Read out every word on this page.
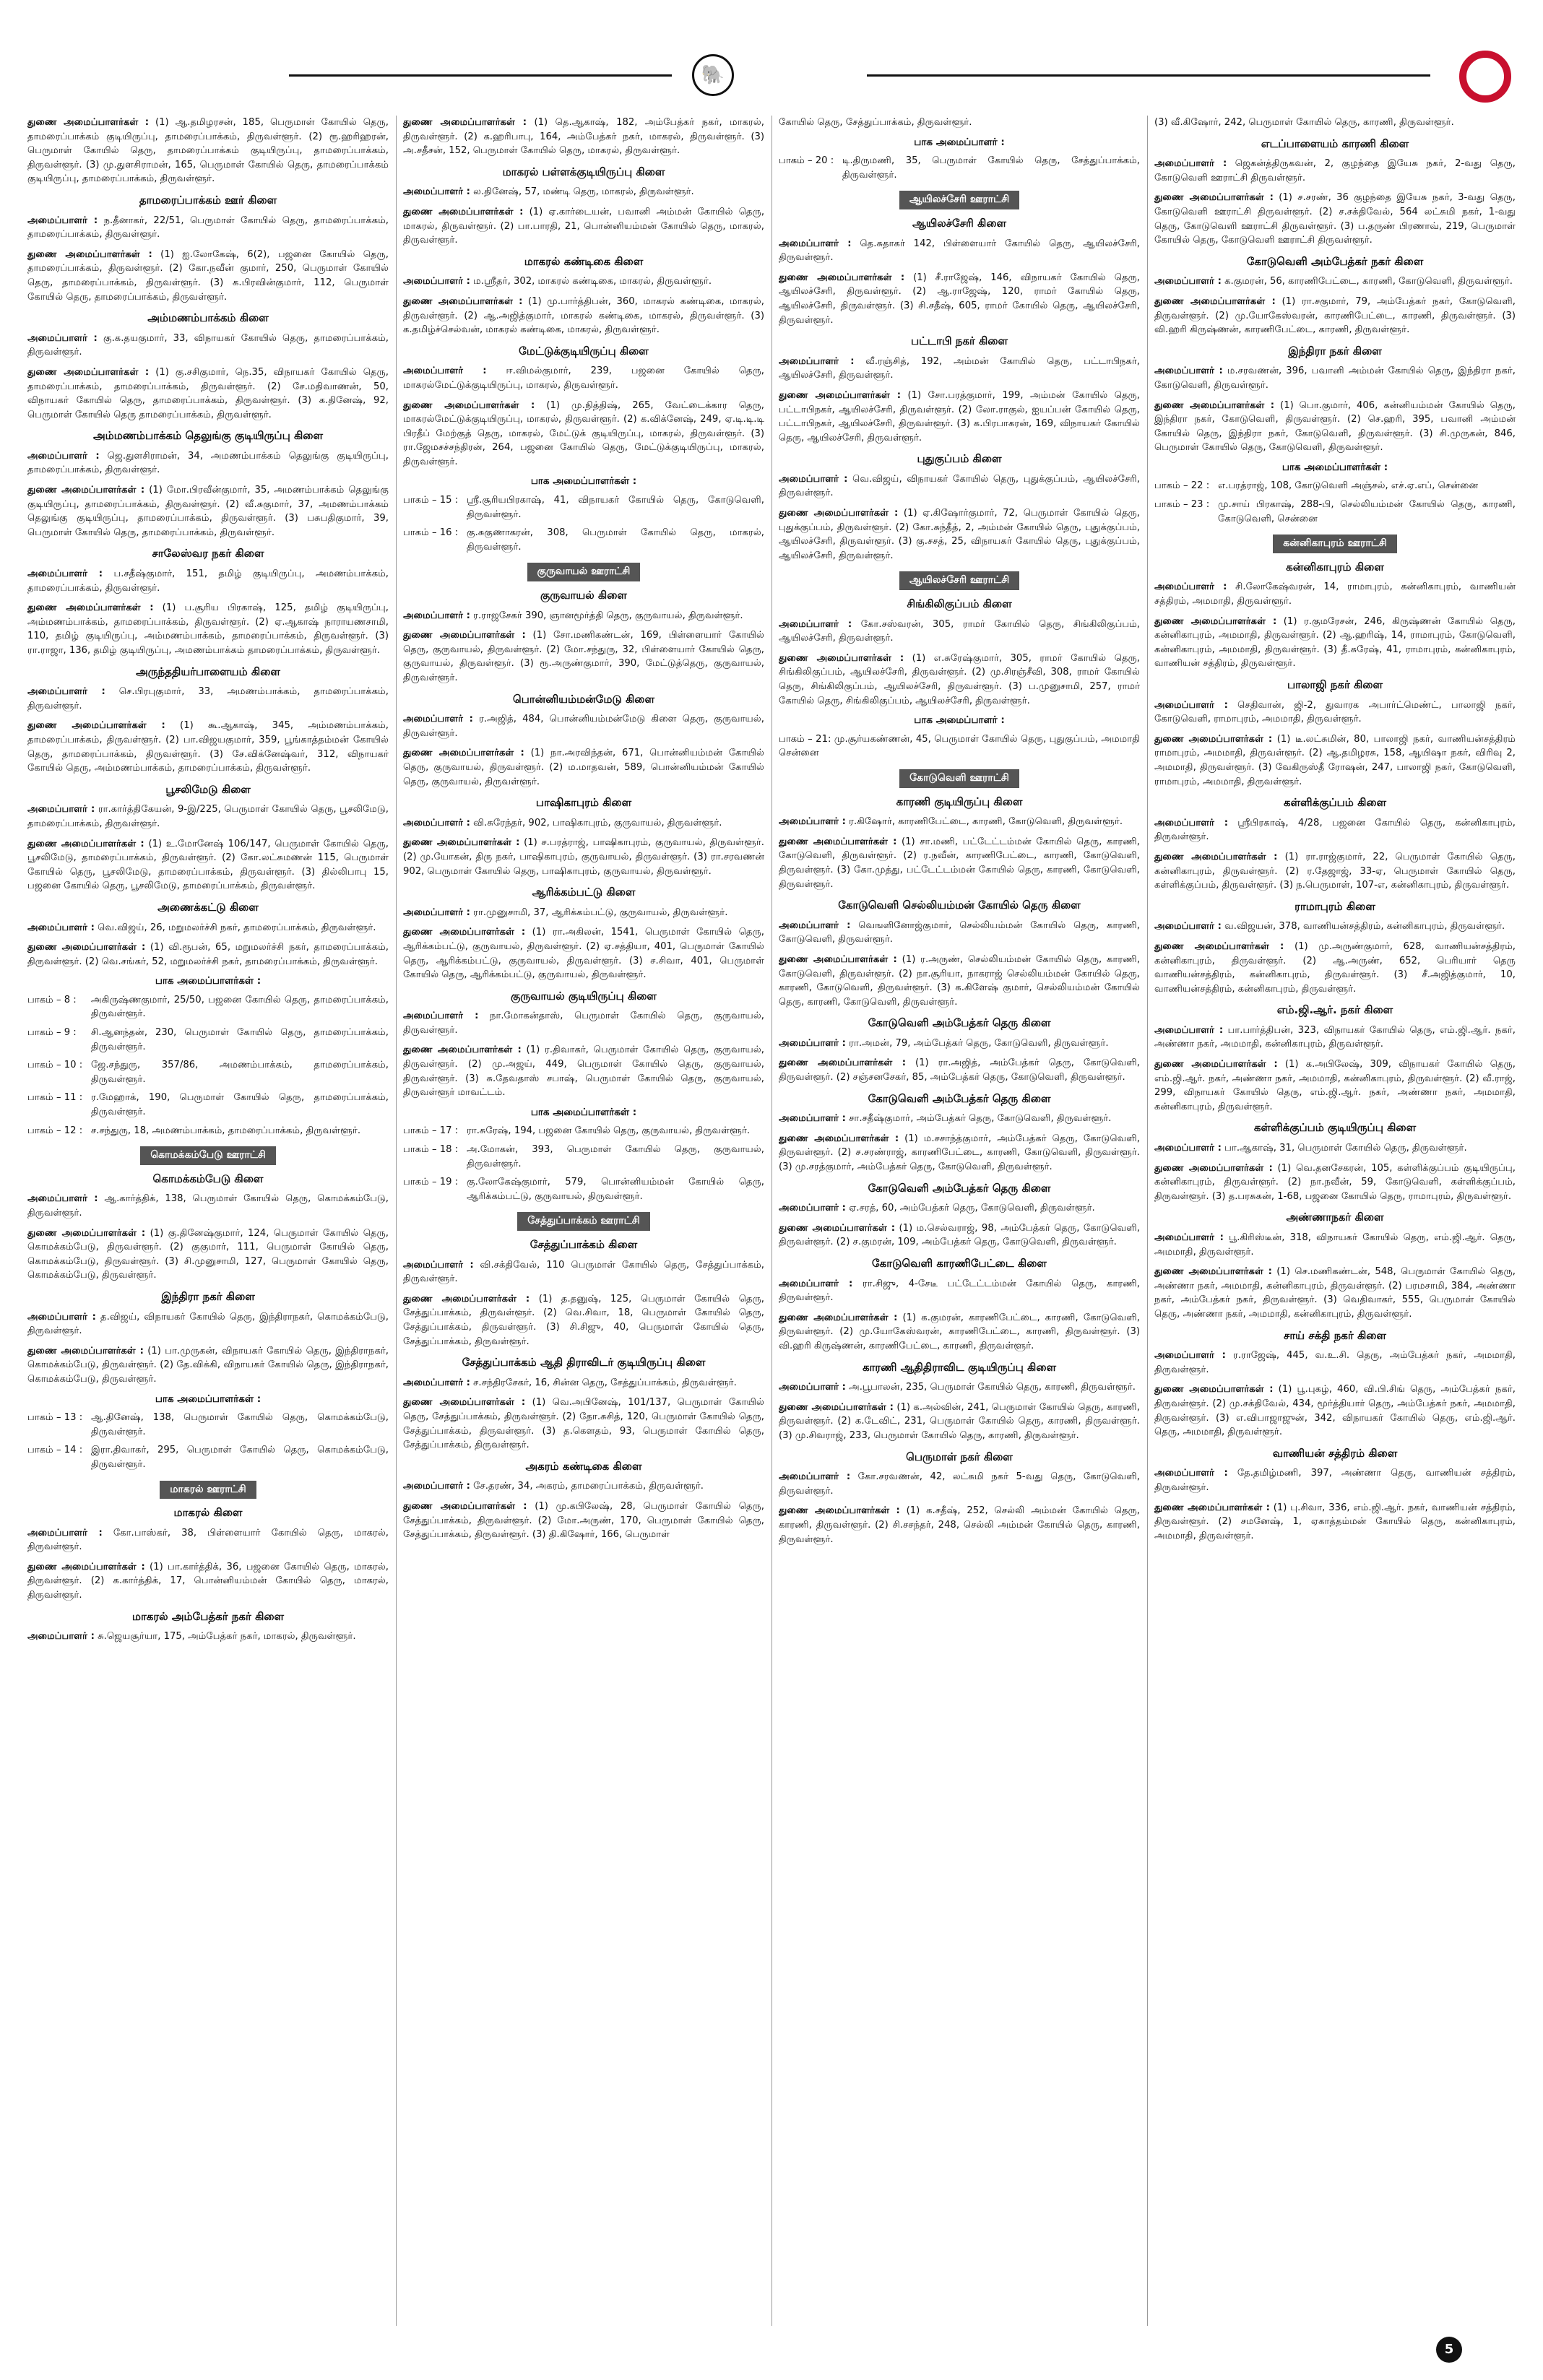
🐘

துணை அமைப்பாளர்கள் : (1) ஆ.தமிழரசன், 185, பெருமாள் கோயில் தெரு, தாமரைப்பாக்கம் குடியிருப்பு, தாமரைப்பாக்கம், திருவள்ளூர். (2) ரூ.ஹரிஹரன், பெருமாள் கோயில் தெரு, தாமரைப்பாக்கம் குடியிருப்பு, தாமரைப்பாக்கம், திருவள்ளூர். (3) மு.துளசிராமன், 165, பெருமாள் கோயில் தெரு, தாமரைப்பாக்கம் குடியிருப்பு, தாமரைப்பாக்கம், திருவள்ளூர்.

தாமரைப்பாக்கம் ஊர் கிளை

அமைப்பாளர் : ந.தீனாகர், 22/51, பெருமாள் கோயில் தெரு, தாமரைப்பாக்கம், தாமரைப்பாக்கம், திருவள்ளூர்.

துணை அமைப்பாளர்கள் : (1) ஐ.லோகேஷ், 6(2), பஜனை கோயில் தெரு, தாமரைப்பாக்கம், திருவள்ளூர். (2) கோ.நவீன் குமார், 250, பெருமாள் கோயில் தெரு, தாமரைப்பாக்கம், திருவள்ளூர். (3) க.பிரவின்குமார், 112, பெருமாள் கோயில் தெரு, தாமரைப்பாக்கம், திருவள்ளூர்.

அம்மணம்பாக்கம் கிளை

அமைப்பாளர் : கு.க.தயகுமார், 33, விநாயகர் கோயில் தெரு, தாமரைப்பாக்கம், திருவள்ளூர்.

துணை அமைப்பாளர்கள் : (1) கு.சசிகுமார், நெ.35, விநாயகர் கோயில் தெரு, தாமரைப்பாக்கம், தாமரைப்பாக்கம், திருவள்ளூர். (2) சே.மதிவாணன், 50, விநாயகர் கோயில் தெரு, தாமரைப்பாக்கம், திருவள்ளூர். (3) க.தினேஷ், 92, பெருமாள் கோயில் தெரு தாமரைப்பாக்கம், திருவள்ளூர்.

அம்மணம்பாக்கம் தெலுங்கு குடியிருப்பு கிளை

அமைப்பாளர் : ஜெ.துளசிராமன், 34, அமணம்பாக்கம் தெலுங்கு குடியிருப்பு, தாமரைப்பாக்கம், திருவள்ளூர்.

துணை அமைப்பாளர்கள் : (1) மோ.பிரவீன்குமார், 35, அமணம்பாக்கம் தெலுங்கு குடியிருப்பு, தாமரைப்பாக்கம், திருவள்ளூர். (2) வீ.சுகுமார், 37, அமணம்பாக்கம் தெலுங்கு குடியிருப்பு, தாமரைப்பாக்கம், திருவள்ளூர். (3) பசுபதிகுமார், 39, பெருமாள் கோயில் தெரு, தாமரைப்பாக்கம், திருவள்ளூர்.

சாலேஸ்வர நகர் கிளை

அமைப்பாளர் : ப.சதீஷ்குமார், 151, தமிழ் குடியிருப்பு, அமணம்பாக்கம், தாமரைப்பாக்கம், திருவள்ளூர்.

துணை அமைப்பாளர்கள் : (1) ப.சூரிய பிரகாஷ், 125, தமிழ் குடியிருப்பு, அம்மணம்பாக்கம், தாமரைப்பாக்கம், திருவள்ளூர். (2) ஏ.ஆகாஷ் நாராயணசாமி, 110, தமிழ் குடியிருப்பு, அம்மணம்பாக்கம், தாமரைப்பாக்கம், திருவள்ளூர். (3) ரா.ராஜா, 136, தமிழ் குடியிருப்பு, அமணம்பாக்கம் தாமரைப்பாக்கம், திருவள்ளூர்.

அருந்ததியர்பாளையம் கிளை

அமைப்பாளர் : செ.பிரபுகுமார், 33, அமணம்பாக்கம், தாமரைப்பாக்கம், திருவள்ளூர்.

துணை அமைப்பாளர்கள் : (1) கூ.ஆகாஷ், 345, அம்மணம்பாக்கம், தாமரைப்பாக்கம், திருவள்ளூர். (2) பா.விஜயகுமார், 359, பூங்காத்தம்மன் கோயில் தெரு, தாமரைப்பாக்கம், திருவள்ளூர். (3) சே.விக்னேஷ்வர், 312, விநாயகர் கோயில் தெரு, அம்மணம்பாக்கம், தாமரைப்பாக்கம், திருவள்ளூர்.

பூசலிமேடு கிளை

அமைப்பாளர் : ரா.கார்த்திகேயன், 9-இ/225, பெருமாள் கோயில் தெரு, பூசலிமேடு, தாமரைப்பாக்கம், திருவள்ளூர்.

துணை அமைப்பாளர்கள் : (1) உ.மோனேஷ் 106/147, பெருமாள் கோயில் தெரு, பூசலிமேடு, தாமரைப்பாக்கம், திருவள்ளூர். (2) கோ.லட்சுமணன் 115, பெருமாள் கோயில் தெரு, பூசலிமேடு, தாமரைப்பாக்கம், திருவள்ளூர். (3) தில்லிபாபு 15, பஜனை கோயில் தெரு, பூசலிமேடு, தாமரைப்பாக்கம், திருவள்ளூர்.

அணைக்கட்டு கிளை

அமைப்பாளர் : வெ.விஜய், 26, மறுமலர்ச்சி நகர், தாமரைப்பாக்கம், திருவள்ளூர்.

துணை அமைப்பாளர்கள் : (1) வி.ரூபன், 65, மறுமலர்ச்சி நகர், தாமரைப்பாக்கம், திருவள்ளூர். (2) வெ.சங்கர், 52, மறுமலர்ச்சி நகர், தாமரைப்பாக்கம், திருவள்ளூர்.

பாக அமைப்பாளர்கள் :
பாகம் – 8 :	அகிருஷ்ணகுமார், 25/50, பஜனை கோயில் தெரு, தாமரைப்பாக்கம், திருவள்ளூர்.
பாகம் – 9 :	சி.ஆனந்தன், 230, பெருமாள் கோயில் தெரு, தாமரைப்பாக்கம், திருவள்ளூர்.
பாகம் – 10 : ஜே.சந்துரு, 357/86, அமணம்பாக்கம், தாமரைப்பாக்கம், திருவள்ளூர்.
பாகம் – 11 : ர.மேஹாக், 190, பெருமாள் கோயில் தெரு, தாமரைப்பாக்கம், திருவள்ளூர்.
பாகம் – 12 : ச.சந்துரு, 18, அமணம்பாக்கம், தாமரைப்பாக்கம், திருவள்ளூர்.
கொமக்கம்பேடு ஊராட்சி
கொமக்கம்பேடு கிளை

அமைப்பாளர் : ஆ.கார்த்திக், 138, பெருமாள் கோயில் தெரு, கொமக்கம்பேடு, திருவள்ளூர்.

துணை அமைப்பாளர்கள் : (1) கு.தினேஷ்குமார், 124, பெருமாள் கோயில் தெரு, கொமக்கம்பேடு, திருவள்ளூர். (2) குகுமார், 111, பெருமாள் கோயில் தெரு, கொமக்கம்பேடு, திருவள்ளூர். (3) சி.முனுசாமி, 127, பெருமாள் கோயில் தெரு, கொமக்கம்பேடு, திருவள்ளூர்.

இந்திரா நகர் கிளை

அமைப்பாளர் : த.விஜய், விநாயகர் கோயில் தெரு, இந்திராநகர், கொமக்கம்பேடு, திருவள்ளூர்.

துணை அமைப்பாளர்கள் : (1) பா.முருகன், விநாயகர் கோயில் தெரு, இந்திராநகர், கொமக்கம்பேடு, திருவள்ளூர். (2) தே.விக்கி, விநாயகர் கோயில் தெரு, இந்திராநகர், கொமக்கம்பேடு, திருவள்ளூர்.

பாக அமைப்பாளர்கள் :
பாகம் – 13 : ஆ.தினேஷ், 138, பெருமாள் கோயில் தெரு, கொமக்கம்பேடு, திருவள்ளூர்.
பாகம் – 14 : இரா.திவாகர், 295, பெருமாள் கோயில் தெரு, கொமக்கம்பேடு, திருவள்ளூர்.
மாகரல் ஊராட்சி
மாகரல் கிளை

அமைப்பாளர் : கோ.பாஸ்கர், 38, பிள்ளையார் கோயில் தெரு, மாகரல், திருவள்ளூர்.

துணை அமைப்பாளர்கள் : (1) பா.கார்த்திக், 36, பஜனை கோயில் தெரு, மாகரல், திருவள்ளூர். (2) க.கார்த்திக், 17, பொன்னியம்மன் கோயில் தெரு, மாகரல், திருவள்ளூர்.

மாகரல் அம்பேத்கர் நகர் கிளை

அமைப்பாளர் : சு.ஜெயசூர்யா, 175, அம்பேத்கர் நகர், மாகரல், திருவள்ளூர்.

துணை அமைப்பாளர்கள் : (1) தெ.ஆகாஷ், 182, அம்பேத்கர் நகர், மாகரல், திருவள்ளூர். (2) க.ஹரிபாபு, 164, அம்பேத்கர் நகர், மாகரல், திருவள்ளூர். (3) அ.சதீசன், 152, பெருமாள் கோயில் தெரு, மாகரல், திருவள்ளூர்.

மாகரல் பள்ளக்குடியிருப்பு கிளை

அமைப்பாளர் : ல.தினேஷ், 57, மண்டி தெரு, மாகரல், திருவள்ளூர்.

துணை அமைப்பாளர்கள் : (1) ஏ.கார்டையன், பவானி அம்மன் கோயில் தெரு, மாகரல், திருவள்ளூர். (2) பா.பாரதி, 21, பொன்னியம்மன் கோயில் தெரு, மாகரல், திருவள்ளூர்.

மாகரல் கண்டிகை கிளை

அமைப்பாளர் : ம.ஸ்ரீதர், 302, மாகரல் கண்டிகை, மாகரல், திருவள்ளூர்.

துணை அமைப்பாளர்கள் : (1) மு.பார்த்திபன், 360, மாகரல் கண்டிகை, மாகரல், திருவள்ளூர். (2) ஆ.அஜித்குமார், மாகரல் கண்டிகை, மாகரல், திருவள்ளூர். (3) க.தமிழ்ச்செல்வன், மாகரல் கண்டிகை, மாகரல், திருவள்ளூர்.

மேட்டுக்குடியிருப்பு கிளை

அமைப்பாளர் : ஈ.விமல்குமார், 239, பஜனை கோயில் தெரு, மாகரல்மேட்டுக்குடியிருப்பு, மாகரல், திருவள்ளூர்.

துணை அமைப்பாளர்கள் : (1) மு.நித்திஷ், 265, வேட்டைக்கார தெரு, மாகரல்மேட்டுக்குடியிருப்பு, மாகரல், திருவள்ளூர். (2) க.விக்னேஷ், 249, ஏ.டி.டி.டி பிரதீப் மேற்குத் தெரு, மாகரல், மேட்டுக் குடியிருப்பு, மாகரல், திருவள்ளூர். (3) ரா.ஜேமசச்சந்திரன், 264, பஜனை கோயில் தெரு, மேட்டுக்குடியிருப்பு, மாகரல், திருவள்ளூர்.

பாக அமைப்பாளர்கள் :
பாகம் – 15 : ஸ்ரீ.சூரியபிரகாஷ், 41, விநாயகர் கோயில் தெரு, கோடுவெளி, திருவள்ளூர்.
பாகம் – 16 : கு.சுகுணாகரன், 308, பெருமாள் கோயில் தெரு, மாகரல், திருவள்ளூர்.
குருவாயல் ஊராட்சி
குருவாயல் கிளை

அமைப்பாளர் : ர.ராஜசேகர் 390, ஞானமூர்த்தி தெரு, குருவாயல், திருவள்ளூர்.

துணை அமைப்பாளர்கள் : (1) சோ.மணிகண்டன், 169, பிள்ளையார் கோயில் தெரு, குருவாயல், திருவள்ளூர். (2) மோ.சந்துரு, 32, பிள்ளையார் கோயில் தெரு, குருவாயல், திருவள்ளூர். (3) ரூ.அருண்குமார், 390, மேட்டுத்தெரு, குருவாயல், திருவள்ளூர்.

பொன்னியம்மன்மேடு கிளை

அமைப்பாளர் : ர.அஜித், 484, பொன்னியம்மன்மேடு கிளை தெரு, குருவாயல், திருவள்ளூர்.

துணை அமைப்பாளர்கள் : (1) நா.அரவிந்தன், 671, பொன்னியம்மன் கோயில் தெரு, குருவாயல், திருவள்ளூர். (2) ம.மாதவன், 589, பொன்னியம்மன் கோயில் தெரு, குருவாயல், திருவள்ளூர்.

பாஷிகாபுரம் கிளை

அமைப்பாளர் : வி.சுரேந்தர், 902, பாஷிகாபுரம், குருவாயல், திருவள்ளூர்.

துணை அமைப்பாளர்கள் : (1) ச.பரத்ராஜ், பாஷிகாபுரம், குருவாயல், திருவள்ளூர். (2) மு.யோகன், திரு நகர், பாஷிகாபுரம், குருவாயல், திருவள்ளூர். (3) ரா.சரவணன் 902, பெருமாள் கோயில் தெரு, பாஷிகாபுரம், குருவாயல், திருவள்ளூர்.

ஆரிக்கம்பட்டு கிளை

அமைப்பாளர் : ரா.முனுசாமி, 37, ஆரிக்கம்பட்டு, குருவாயல், திருவள்ளூர்.

துணை அமைப்பாளர்கள் : (1) ரா.அகிலன், 1541, பெருமாள் கோயில் தெரு, ஆரிக்கம்பட்டு, குருவாயல், திருவள்ளூர். (2) ஏ.சத்தியா, 401, பெருமாள் கோயில் தெரு, ஆரிக்கம்பட்டு, குருவாயல், திருவள்ளூர். (3) ச.சிவா, 401, பெருமாள் கோயில் தெரு, ஆரிக்கம்பட்டு, குருவாயல், திருவள்ளூர்.

குருவாயல் குடியிருப்பு கிளை

அமைப்பாளர் : நா.மோகன்தாஸ், பெருமாள் கோயில் தெரு, குருவாயல், திருவள்ளூர்.

துணை அமைப்பாளர்கள் : (1) ர.திவாகர், பெருமாள் கோயில் தெரு, குருவாயல், திருவள்ளூர். (2) மு.அஜய், 449, பெருமாள் கோயில் தெரு, குருவாயல், திருவள்ளூர். (3) சு.தேவதாஸ் சபாஷ், பெருமாள் கோயில் தெரு, குருவாயல், திருவள்ளூர் மாவட்டம்.

பாக அமைப்பாளர்கள் :
பாகம் – 17 : ரா.சுரேஷ், 194, பஜனை கோயில் தெரு, குருவாயல், திருவள்ளூர்.
பாகம் – 18 : அ.மோகன், 393, பெருமாள் கோயில் தெரு, குருவாயல், திருவள்ளூர்.
பாகம் – 19 : கு.லோகேஷ்குமார், 579, பொன்னியம்மன் கோயில் தெரு, ஆரிக்கம்பட்டு, குருவாயல், திருவள்ளூர்.
சேத்துப்பாக்கம் ஊராட்சி
சேத்துப்பாக்கம் கிளை

அமைப்பாளர் : வி.சக்திவேல், 110 பெருமாள் கோயில் தெரு, சேத்துப்பாக்கம், திருவள்ளூர்.

துணை அமைப்பாளர்கள் : (1) த.தனுஷ், 125, பெருமாள் கோயில் தெரு, சேத்துப்பாக்கம், திருவள்ளூர். (2) வெ.சிவா, 18, பெருமாள் கோயில் தெரு, சேத்துப்பாக்கம், திருவள்ளூர். (3) சி.சிஜு, 40, பெருமாள் கோயில் தெரு, சேத்துப்பாக்கம், திருவள்ளூர்.

சேத்துப்பாக்கம் ஆதி திராவிடர் குடியிருப்பு கிளை

அமைப்பாளர் : ச.சந்திரசேகர், 16, சின்ன தெரு, சேத்துப்பாக்கம், திருவள்ளூர்.

துணை அமைப்பாளர்கள் : (1) வெ.அபினேஷ், 101/137, பெருமாள் கோயில் தெரு, சேத்துப்பாக்கம், திருவள்ளூர். (2) தோ.சுசித், 120, பெருமாள் கோயில் தெரு, சேத்துப்பாக்கம், திருவள்ளூர். (3) த.கௌதம், 93, பெருமாள் கோயில் தெரு, சேத்துப்பாக்கம், திருவள்ளூர்.

அகரம் கண்டிகை கிளை

அமைப்பாளர் : சே.தரண், 34, அகரம், தாமரைப்பாக்கம், திருவள்ளூர்.

துணை அமைப்பாளர்கள் : (1) மு.கபிலேஷ், 28, பெருமாள் கோயில் தெரு, சேத்துப்பாக்கம், திருவள்ளூர். (2) மோ.அருண், 170, பெருமாள் கோயில் தெரு, சேத்துப்பாக்கம், திருவள்ளூர். (3) தி.கிஷோர், 166, பெருமாள்

கோயில் தெரு, சேத்துப்பாக்கம், திருவள்ளூர்.

பாக அமைப்பாளர் :
பாகம் – 20 : டி.திருமணி, 35, பெருமாள் கோயில் தெரு, சேத்துப்பாக்கம், திருவள்ளூர்.
ஆயிலச்சேரி ஊராட்சி
ஆயிலச்சேரி கிளை

அமைப்பாளர் : தெ.சுதாகர் 142, பிள்ளையார் கோயில் தெரு, ஆயிலச்சேரி, திருவள்ளூர்.

துணை அமைப்பாளர்கள் : (1) சீ.ராஜேஷ், 146, விநாயகர் கோயில் தெரு, ஆயிலச்சேரி, திருவள்ளூர். (2) ஆ.ராஜேஷ், 120, ராமர் கோயில் தெரு, ஆயிலச்சேரி, திருவள்ளூர். (3) சி.சதீஷ், 605, ராமர் கோயில் தெரு, ஆயிலச்சேரி, திருவள்ளூர்.

பட்டாபி நகர் கிளை

அமைப்பாளர் : வீ.ரஞ்சித், 192, அம்மன் கோயில் தெரு, பட்டாபிநகர், ஆயிலச்சேரி, திருவள்ளூர்.

துணை அமைப்பாளர்கள் : (1) சோ.பரத்குமார், 199, அம்மன் கோயில் தெரு, பட்டாபிநகர், ஆயிலச்சேரி, திருவள்ளூர். (2) லோ.ராகுல், ஐயப்பன் கோயில் தெரு, பட்டாபிநகர், ஆயிலச்சேரி, திருவள்ளூர். (3) க.பிரபாகரன், 169, விநாயகர் கோயில் தெரு, ஆயிலச்சேரி, திருவள்ளூர்.

புதுகுப்பம் கிளை

அமைப்பாளர் : வெ.விஜய், விநாயகர் கோயில் தெரு, புதுக்குப்பம், ஆயிலச்சேரி, திருவள்ளூர்.

துணை அமைப்பாளர்கள் : (1) ஏ.கிஷோர்குமார், 72, பெருமாள் கோயில் தெரு, புதுக்குப்பம், திருவள்ளூர். (2) கோ.சுந்தீத், 2, அம்மன் கோயில் தெரு, புதுக்குப்பம், ஆயிலச்சேரி, திருவள்ளூர். (3) கு.சசத், 25, விநாயகர் கோயில் தெரு, புதுக்குப்பம், ஆயிலச்சேரி, திருவள்ளூர்.

ஆயிலச்சேரி ஊராட்சி
சிங்கிலிகுப்பம் கிளை

அமைப்பாளர் : கோ.சஸ்வரன், 305, ராமர் கோயில் தெரு, சிங்கிலிகுப்பம், ஆயிலச்சேரி, திருவள்ளூர்.

துணை அமைப்பாளர்கள் : (1) எ.சுரேஷ்குமார், 305, ராமர் கோயில் தெரு, சிங்கிலிகுப்பம், ஆயிலச்சேரி, திருவள்ளூர். (2) மு.சிரஞ்சீவி, 308, ராமர் கோயில் தெரு, சிங்கிலிகுப்பம், ஆயிலச்சேரி, திருவள்ளூர். (3) ப.முனுசாமி, 257, ராமர் கோயில் தெரு, சிங்கிலிகுப்பம், ஆயிலச்சேரி, திருவள்ளூர்.

பாக அமைப்பாளர் :

பாகம் – 21: மு.சூர்யகண்ணன், 45, பெருமாள் கோயில் தெரு, புதுகுப்பம், அமமாதி சென்னை

கோடுவெளி ஊராட்சி
காரணி குடியிருப்பு கிளை

அமைப்பாளர் : ர.கிஷோர், காரணிபேட்டை, காரணி, கோடுவெளி, திருவள்ளூர்.

துணை அமைப்பாளர்கள் : (1) சா.மணி, பட்டேட்டம்மன் கோயில் தெரு, காரணி, கோடுவெளி, திருவள்ளூர். (2) ர.நவீன், காரணிபேட்டை, காரணி, கோடுவெளி, திருவள்ளூர். (3) கோ.முத்து, பட்டேட்டம்மன் கோயில் தெரு, காரணி, கோடுவெளி, திருவள்ளூர்.

கோடுவெளி செல்லியம்மன் கோயில் தெரு கிளை

அமைப்பாளர் : வெஙளினோஜ்குமார், செல்லியம்மன் கோயில் தெரு, காரணி, கோடுவெளி, திருவள்ளூர்.

துணை அமைப்பாளர்கள் : (1) ர.அருண், செல்லியம்மன் கோயில் தெரு, காரணி, கோடுவெளி, திருவள்ளூர். (2) நா.சூரியா, நாகராஜ் செல்லியம்மன் கோயில் தெரு, காரணி, கோடுவெளி, திருவள்ளூர். (3) க.கிளேஷ் குமார், செல்லியம்மன் கோயில் தெரு, காரணி, கோடுவெளி, திருவள்ளூர்.

கோடுவெளி அம்பேத்கர் தெரு கிளை

அமைப்பாளர் : ரா.அமன், 79, அம்பேத்கர் தெரு, கோடுவெளி, திருவள்ளூர்.

துணை அமைப்பாளர்கள் : (1) ரா.அஜித், அம்பேத்கர் தெரு, கோடுவெளி, திருவள்ளூர். (2) சஞ்சனசேகர், 85, அம்பேத்கர் தெரு, கோடுவெளி, திருவள்ளூர்.

கோடுவெளி அம்பேத்கர் தெரு கிளை

அமைப்பாளர் : சா.சதீஷ்குமார், அம்பேத்கர் தெரு, கோடுவெளி, திருவள்ளூர்.

துணை அமைப்பாளர்கள் : (1) ம.சசாந்த்குமார், அம்பேத்கர் தெரு, கோடுவெளி, திருவள்ளூர். (2) ச.சரண்ராஜ், காரணிபேட்டை, காரணி, கோடுவெளி, திருவள்ளூர். (3) மு.சரத்குமார், அம்பேத்கர் தெரு, கோடுவெளி, திருவள்ளூர்.

கோடுவெளி அம்பேத்கர் தெரு கிளை

அமைப்பாளர் : ஏ.சரத், 60, அம்பேத்கர் தெரு, கோடுவெளி, திருவள்ளூர்.

துணை அமைப்பாளர்கள் : (1) ம.செல்வராஜ், 98, அம்பேத்கர் தெரு, கோடுவெளி, திருவள்ளூர். (2) ச.குமரன், 109, அம்பேத்கர் தெரு, கோடுவெளி, திருவள்ளூர்.

கோடுவெளி காரணிபேட்டை கிளை

அமைப்பாளர் : ரா.சிஜு, 4-சேடீ பட்டேட்டம்மன் கோயில் தெரு, காரணி, திருவள்ளூர்.

துணை அமைப்பாளர்கள் : (1) க.குமரன், காரணிபேட்டை, காரணி, கோடுவெளி, திருவள்ளூர். (2) மு.யோகேஸ்வரன், காரணிபேட்டை, காரணி, திருவள்ளூர். (3) வி.ஹரி கிருஷ்ணன், காரணிபேட்டை, காரணி, திருவள்ளூர்.

காரணி ஆதிதிராவிட குடியிருப்பு கிளை

அமைப்பாளர் : அ.பூபாலன், 235, பெருமாள் கோயில் தெரு, காரணி, திருவள்ளூர்.

துணை அமைப்பாளர்கள் : (1) க.அல்வின், 241, பெருமாள் கோயில் தெரு, காரணி, திருவள்ளூர். (2) க.டேவிட், 231, பெருமாள் கோயில் தெரு, காரணி, திருவள்ளூர். (3) மு.சிவராஜ், 233, பெருமாள் கோயில் தெரு, காரணி, திருவள்ளூர்.

பெருமாள் நகர் கிளை

அமைப்பாளர் : கோ.சரவணன், 42, லட்சுமி நகர் 5-வது தெரு, கோடுவெளி, திருவள்ளூர்.

துணை அமைப்பாளர்கள் : (1) க.சதீஷ், 252, செல்லி அம்மன் கோயில் தெரு, காரணி, திருவள்ளூர். (2) சி.சசந்தர், 248, செல்லி அம்மன் கோயில் தெரு, காரணி, திருவள்ளூர்.

(3) வீ.கிஷோர், 242, பெருமாள் கோயில் தெரு, காரணி, திருவள்ளூர்.

எடப்பாளையம் காரணி கிளை

அமைப்பாளர் : ஜெகன்த்திருகவன், 2, குழந்தை இயேசு நகர், 2-வது தெரு, கோடுவெளி ஊராட்சி திருவள்ளூர்.

துணை அமைப்பாளர்கள் : (1) ச.சரண், 36 குழந்தை இயேசு நகர், 3-வது தெரு, கோடுவெளி ஊராட்சி திருவள்ளூர். (2) ச.சக்திவேல், 564 லட்சுமி நகர், 1-வது தெரு, கோடுவெளி ஊராட்சி திருவள்ளூர். (3) ப.தருண் பிரணாவ், 219, பெருமாள் கோயில் தெரு, கோடுவெளி ஊராட்சி திருவள்ளூர்.

கோடுவெளி அம்பேத்கர் நகர் கிளை

அமைப்பாளர் : க.குமரன், 56, காரணிபேட்டை, காரணி, கோடுவெளி, திருவள்ளூர்.

துணை அமைப்பாளர்கள் : (1) ரா.சகுமார், 79, அம்பேத்கர் நகர், கோடுவெளி, திருவள்ளூர். (2) மு.யோகேஸ்வரன், காரணிபேட்டை, காரணி, திருவள்ளூர். (3) வி.ஹரி கிருஷ்ணன், காரணிபேட்டை, காரணி, திருவள்ளூர்.

இந்திரா நகர் கிளை

அமைப்பாளர் : ம.சரவணன், 396, பவானி அம்மன் கோயில் தெரு, இந்திரா நகர், கோடுவெளி, திருவள்ளூர்.

துணை அமைப்பாளர்கள் : (1) பொ.குமார், 406, கன்னியம்மன் கோயில் தெரு, இந்திரா நகர், கோடுவெளி, திருவள்ளூர். (2) செ.ஹரி, 395, பவானி அம்மன் கோயில் தெரு, இந்திரா நகர், கோடுவெளி, திருவள்ளூர். (3) சி.முருகன், 846, பெருமாள் கோயில் தெரு, கோடுவெளி, திருவள்ளூர்.

பாக அமைப்பாளர்கள் :
பாகம் – 22 : எ.பரத்ராஜ், 108, கோடுவெளி அஞ்சல், எச்.ஏ.எப், சென்னை
பாகம் – 23 : மு.சாய் பிரகாஷ், 288-பி, செல்லியம்மன் கோயில் தெரு, காரணி, கோடுவெளி, சென்னை
கன்னிகாபுரம் ஊராட்சி
கன்னிகாபுரம் கிளை

அமைப்பாளர் : சி.லோகேஷ்வரன், 14, ராமாபுரம், கன்னிகாபுரம், வாணியன் சத்திரம், அமமாதி, திருவள்ளூர்.

துணை அமைப்பாளர்கள் : (1) ர.குமரேசன், 246, கிருஷ்ணன் கோயில் தெரு, கன்னிகாபுரம், அமமாதி, திருவள்ளூர். (2) ஆ.ஹரிஷ், 14, ராமாபுரம், கோடுவெளி, கன்னிகாபுரம், அமமாதி, திருவள்ளூர். (3) தீ.சுரேஷ், 41, ராமாபுரம், கன்னிகாபுரம், வாணியன் சத்திரம், திருவள்ளூர்.

பாலாஜி நகர் கிளை

அமைப்பாளர் : செதிவான், ஜி-2, துவாரக அபார்ட்மெண்ட், பாலாஜி நகர், கோடுவெளி, ராமாபுரம், அமமாதி, திருவள்ளூர்.

துணை அமைப்பாளர்கள் : (1) டீ.லட்சுமின், 80, பாலாஜி நகர், வாணியன்சத்திரம் ராமாபுரம், அமமாதி, திருவள்ளூர். (2) ஆ.தமிழரசு, 158, ஆயிஷா நகர், விரிவு 2, அமமாதி, திருவள்ளூர். (3) வேகிருஸ்தீ ரோஷன், 247, பாலாஜி நகர், கோடுவெளி, ராமாபுரம், அமமாதி, திருவள்ளூர்.

கள்ளிக்குப்பம் கிளை

அமைப்பாளர் : ஸ்ரீபிரகாஷ், 4/28, பஜனை கோயில் தெரு, கன்னிகாபுரம், திருவள்ளூர்.

துணை அமைப்பாளர்கள் : (1) ரா.ராஜ்குமார், 22, பெருமாள் கோயில் தெரு, கன்னிகாபுரம், திருவள்ளூர். (2) ர.தேஜாஜ், 33-ஏ, பெருமாள் கோயில் தெரு, கள்ளிக்குப்பம், திருவள்ளூர். (3) ந.பெருமாள், 107-எ, கன்னிகாபுரம், திருவள்ளூர்.

ராமாபுரம் கிளை

அமைப்பாளர் : வ.விஜயன், 378, வாணியன்சத்திரம், கன்னிகாபுரம், திருவள்ளூர்.

துணை அமைப்பாளர்கள் : (1) மு.அருண்குமார், 628, வாணியன்சத்திரம், கன்னிகாபுரம், திருவள்ளூர். (2) ஆ.அருண், 652, பெரியார் தெரு வாணியன்சத்திரம், கன்னிகாபுரம், திருவள்ளூர். (3) சீ.அஜித்குமார், 10, வாணியன்சத்திரம், கன்னிகாபுரம், திருவள்ளூர்.

எம்.ஜி.ஆர். நகர் கிளை

அமைப்பாளர் : பா.பார்த்திபன், 323, விநாயகர் கோயில் தெரு, எம்.ஜி.ஆர். நகர், அண்ணா நகர், அமமாதி, கன்னிகாபுரம், திருவள்ளூர்.

துணை அமைப்பாளர்கள் : (1) க.அபிலேஷ், 309, விநாயகர் கோயில் தெரு, எம்.ஜி.ஆர். நகர், அண்ணா நகர், அமமாதி, கன்னிகாபுரம், திருவள்ளூர். (2) வீ.ராஜ், 299, விநாயகர் கோயில் தெரு, எம்.ஜி.ஆர். நகர், அண்ணா நகர், அமமாதி, கன்னிகாபுரம், திருவள்ளூர்.

கள்ளிக்குப்பம் குடியிருப்பு கிளை

அமைப்பாளர் : பா.ஆகாஷ், 31, பெருமாள் கோயில் தெரு, திருவள்ளூர்.

துணை அமைப்பாளர்கள் : (1) வெ.தனசேகரன், 105, கள்ளிக்குப்பம் குடியிருப்பு, கன்னிகாபுரம், திருவள்ளூர். (2) நா.நவீன், 59, கோடுவெளி, கள்ளிக்குப்பம், திருவள்ளூர். (3) த.பரசுகன், 1-68, பஜனை கோயில் தெரு, ராமாபுரம், திருவள்ளூர்.

அண்ணாநகர் கிளை

அமைப்பாளர் : பூ.கிரிஸ்டீன், 318, விநாயகர் கோயில் தெரு, எம்.ஜி.ஆர். தெரு, அமமாதி, திருவள்ளூர்.

துணை அமைப்பாளர்கள் : (1) செ.மணிகண்டன், 548, பெருமாள் கோயில் தெரு, அண்ணா நகர், அமமாதி, கன்னிகாபுரம், திருவள்ளூர். (2) பரமசாமி, 384, அண்ணா நகர், அம்பேத்கர் நகர், திருவள்ளூர். (3) வெதிவாகர், 555, பெருமாள் கோயில் தெரு, அண்ணா நகர், அமமாதி, கன்னிகாபுரம், திருவள்ளூர்.

சாய் சக்தி நகர் கிளை

அமைப்பாளர் : ர.ராஜேஷ், 445, வ.உ.சி. தெரு, அம்பேத்கர் நகர், அமமாதி, திருவள்ளூர்.

துணை அமைப்பாளர்கள் : (1) பூ.புகழ், 460, வி.பி.சிங் தெரு, அம்பேத்கர் நகர், திருவள்ளூர். (2) மு.சக்திவேல், 434, மூர்த்தியார் தெரு, அம்பேத்கர் நகர், அமமாதி, திருவள்ளூர். (3) எ.விபாஜாஜுன், 342, விநாயகர் கோயில் தெரு, எம்.ஜி.ஆர். தெரு, அமமாதி, திருவள்ளூர்.

வாணியன் சத்திரம் கிளை

அமைப்பாளர் : தே.தமிழ்மணி, 397, அண்ணா தெரு, வாணியன் சத்திரம், திருவள்ளூர்.

துணை அமைப்பாளர்கள் : (1) பு.சிவா, 336, எம்.ஜி.ஆர். நகர், வாணியன் சத்திரம், திருவள்ளூர். (2) சமனேஷ், 1, ஏகாத்தம்மன் கோயில் தெரு, கன்னிகாபுரம், அமமாதி, திருவள்ளூர்.

5
